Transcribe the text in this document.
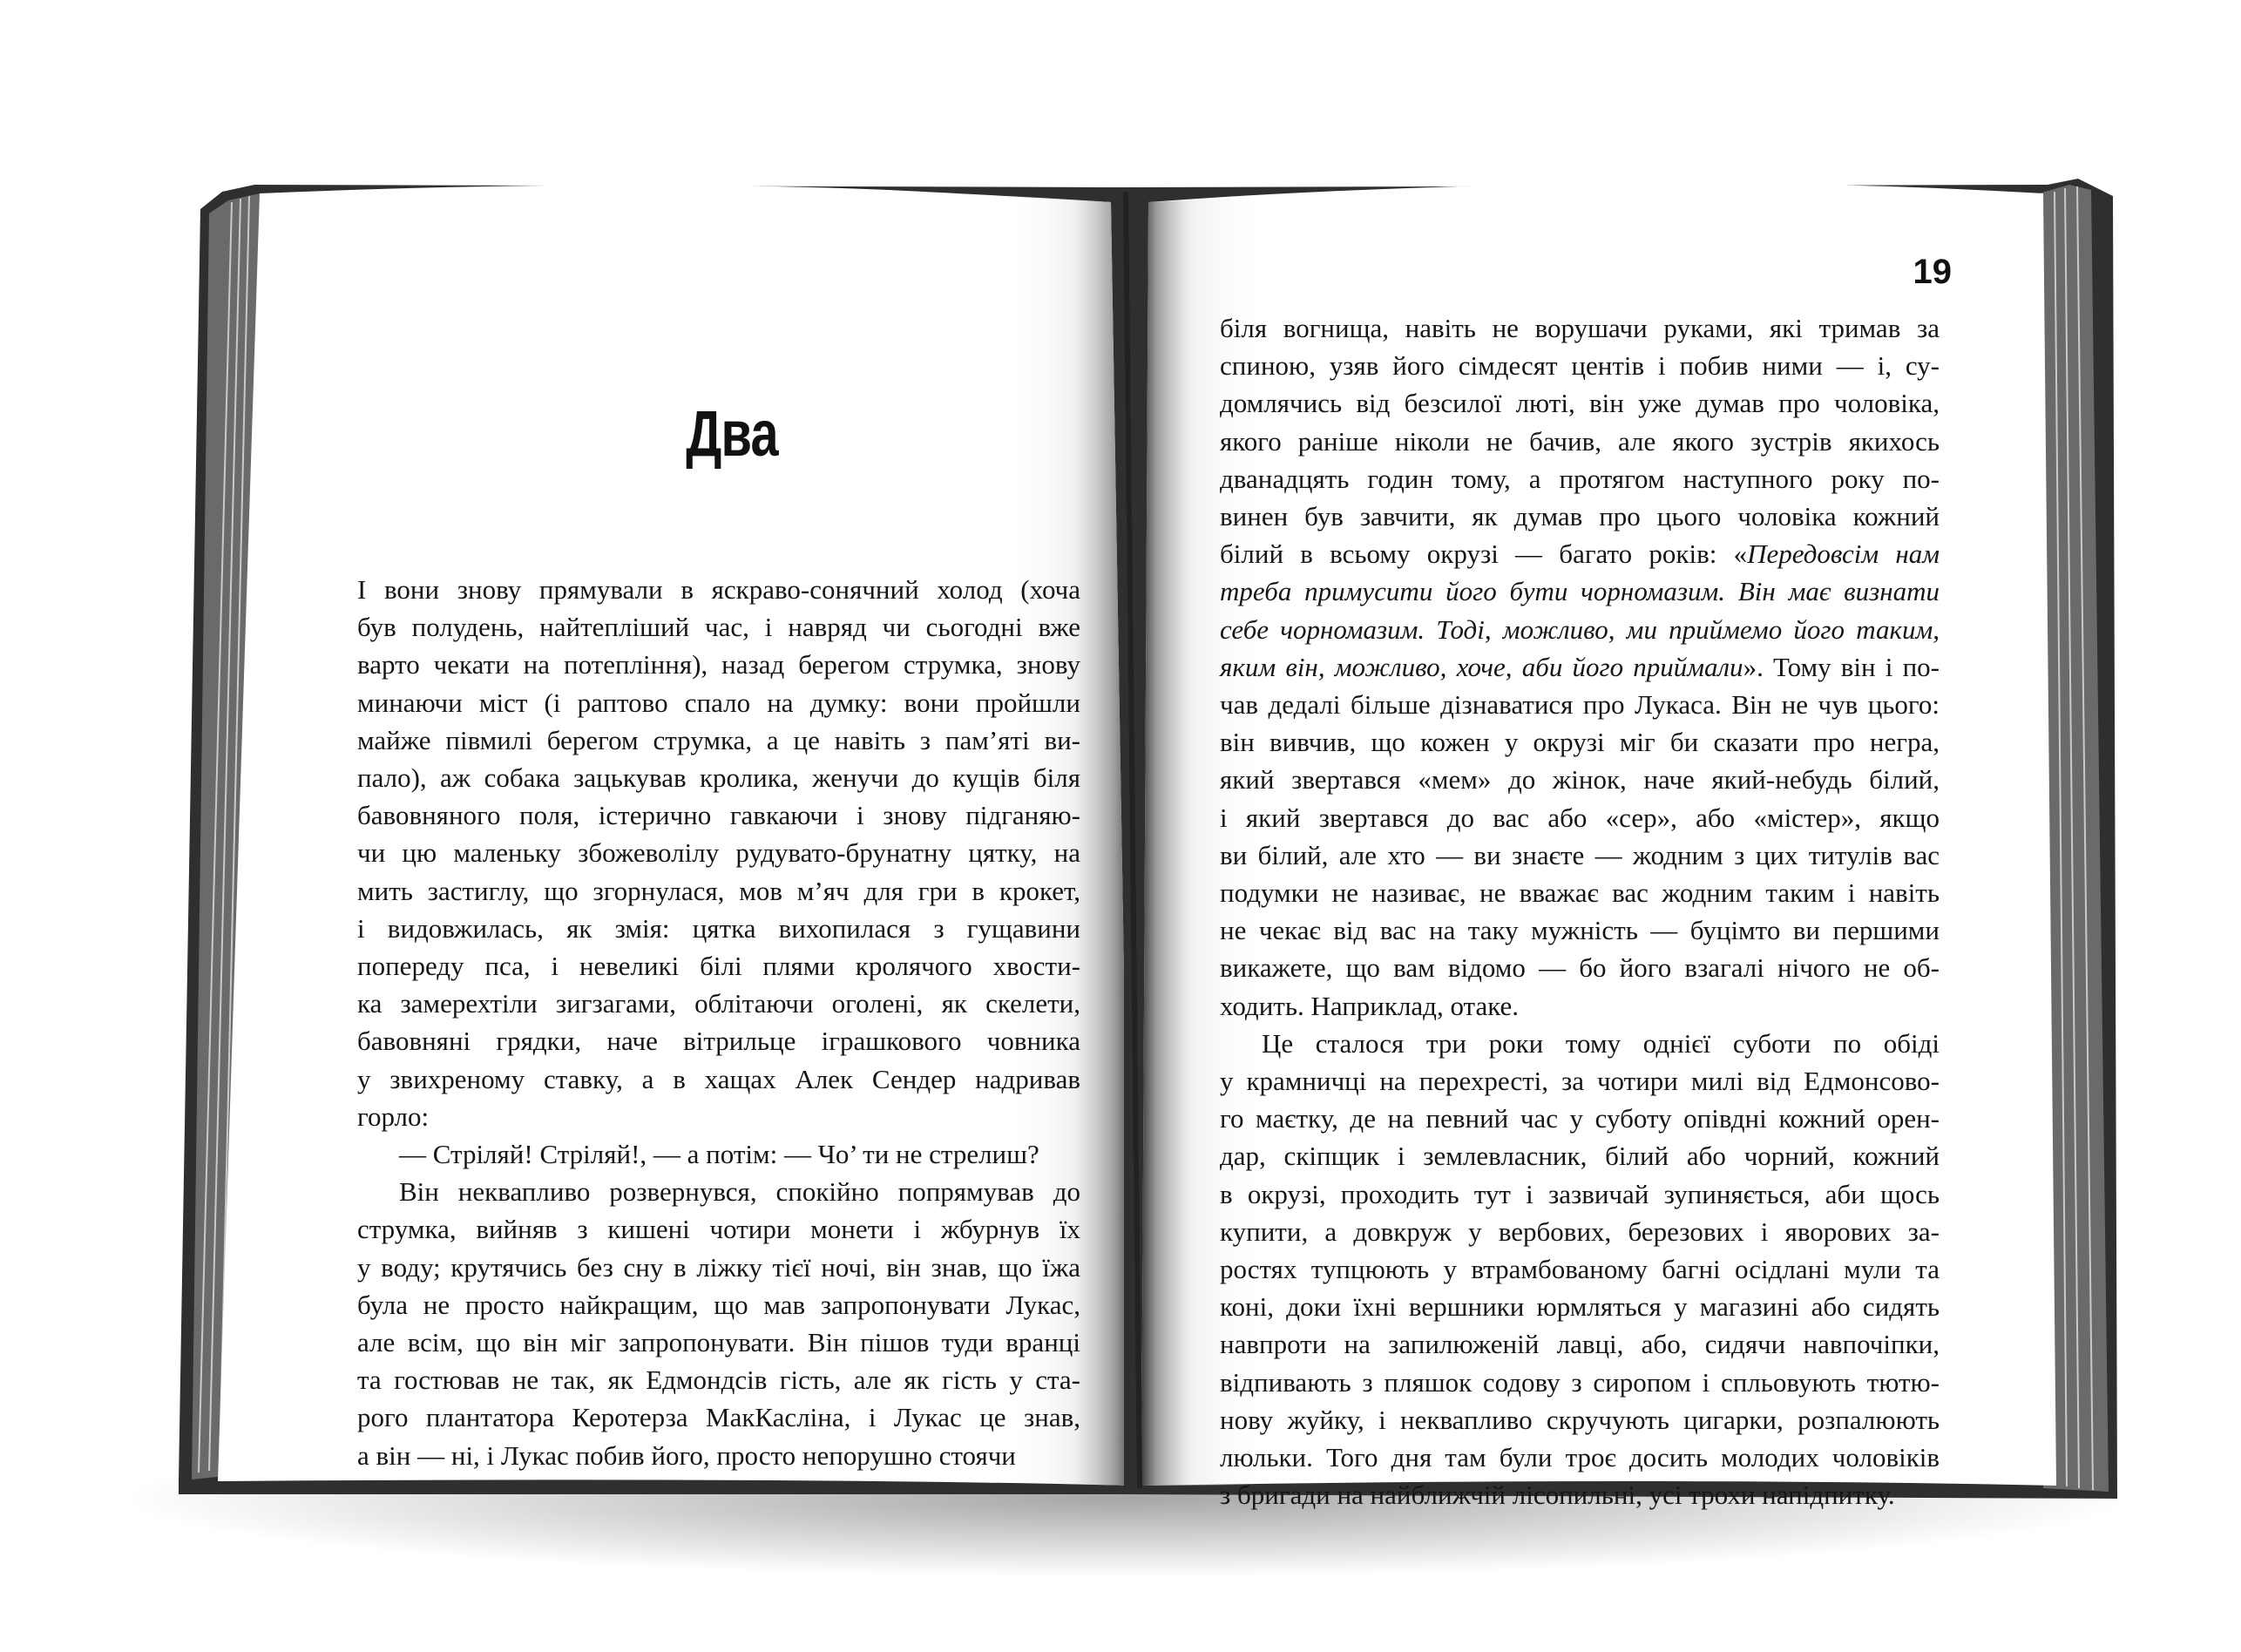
Два

І вони знову прямували в яскраво-сонячний холод (хоча
був полудень, найтепліший час, і навряд чи сьогодні вже
варто чекати на потепління), назад берегом струмка, знову
минаючи міст (і раптово спало на думку: вони пройшли
майже півмилі берегом струмка, а це навіть з пам’яті ви-
пало), аж собака зацькував кролика, женучи до кущів біля
бавовняного поля, істерично гавкаючи і знову підганяю-
чи цю маленьку збожеволілу рудувато-брунатну цятку, на
мить застиглу, що згорнулася, мов м’яч для гри в крокет,
і видовжилась, як змія: цятка вихопилася з гущавини
попереду пса, і невеликі білі плями кролячого хвости-
ка замерехтіли зигзагами, облітаючи оголені, як скелети,
бавовняні грядки, наче вітрильце іграшкового човника
у звихреному ставку, а в хащах Алек Сендер надривав
горло:

— Стріляй! Стріляй!, — а потім: — Чо’ ти не стрелиш?

Він неквапливо розвернувся, спокійно попрямував до
струмка, вийняв з кишені чотири монети і жбурнув їх
у воду; крутячись без сну в ліжку тієї ночі, він знав, що їжа
була не просто найкращим, що мав запропонувати Лукас,
але всім, що він міг запропонувати. Він пішов туди вранці
та гостював не так, як Едмондсів гість, але як гість у ста-
рого плантатора Керотерза МакКасліна, і Лукас це знав,
а він — ні, і Лукас побив його, просто непорушно стоячи

19

біля вогнища, навіть не ворушачи руками, які тримав за
спиною, узяв його сімдесят центів і побив ними — і, су-
домлячись від безсилої люті, він уже думав про чоловіка,
якого раніше ніколи не бачив, але якого зустрів якихось
дванадцять годин тому, а протягом наступного року по-
винен був завчити, як думав про цього чоловіка кожний
білий в всьому окрузі — багато років: «Передовсім нам
треба примусити його бути чорномазим. Він має визнати
себе чорномазим. Тоді, можливо, ми приймемо його таким,
яким він, можливо, хоче, аби його приймали». Тому він і по-
чав дедалі більше дізнаватися про Лукаса. Він не чув цього:
він вивчив, що кожен у окрузі міг би сказати про негра,
який звертався «мем» до жінок, наче який-небудь білий,
і який звертався до вас або «сер», або «містер», якщо
ви білий, але хто — ви знаєте — жодним з цих титулів вас
подумки не називає, не вважає вас жодним таким і навіть
не чекає від вас на таку мужність — буцімто ви першими
викажете, що вам відомо — бо його взагалі нічого не об-
ходить. Наприклад, отаке.

Це сталося три роки тому однієї суботи по обіді
у крамничці на перехресті, за чотири милі від Едмонсово-
го маєтку, де на певний час у суботу опівдні кожний орен-
дар, скіпщик і землевласник, білий або чорний, кожний
в окрузі, проходить тут і зазвичай зупиняється, аби щось
купити, а довкруж у вербових, березових і яворових за-
ростях тупцюють у втрамбованому багні осідлані мули та
коні, доки їхні вершники юрмляться у магазині або сидять
навпроти на запилюженій лавці, або, сидячи навпочіпки,
відпивають з пляшок содову з сиропом і спльовують тютю-
нову жуйку, і неквапливо скручують цигарки, розпалюють
люльки. Того дня там були троє досить молодих чоловіків
з бригади на найближчій лісопильні, усі трохи напідпитку.
